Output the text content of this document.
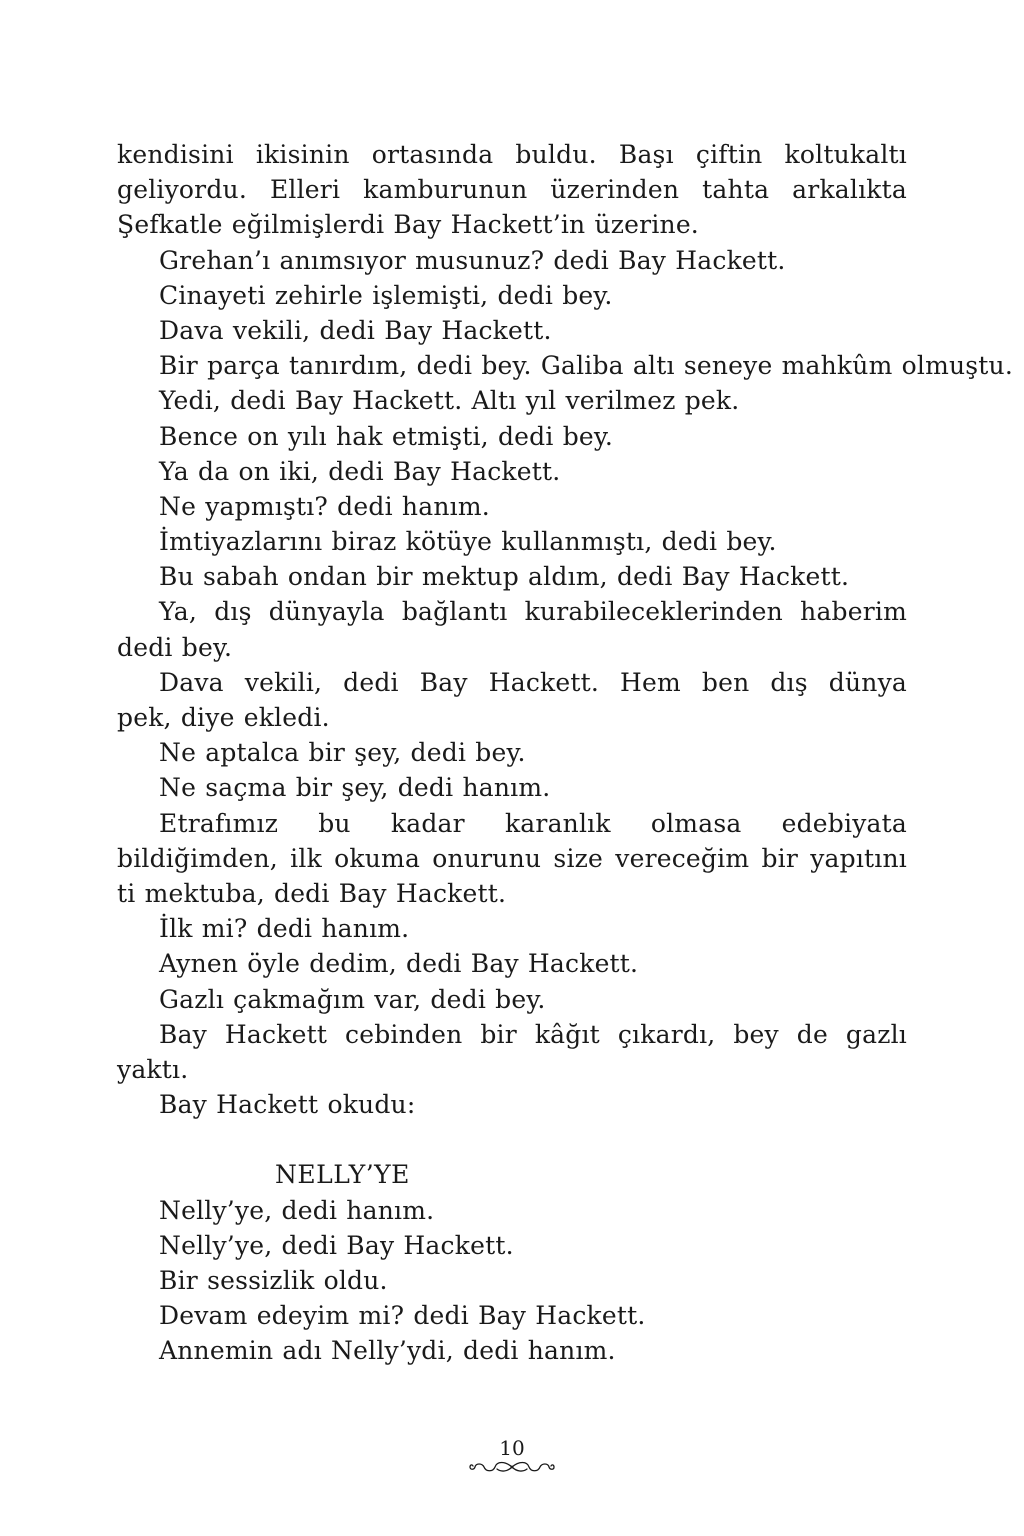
kendisini ikisinin ortasında buldu. Başı çiftin koltukaltı
geliyordu. Elleri kamburunun üzerinden tahta arkalıkta
Şefkatle eğilmişlerdi Bay Hackett’in üzerine.
Grehan’ı anımsıyor musunuz? dedi Bay Hackett.
Cinayeti zehirle işlemişti, dedi bey.
Dava vekili, dedi Bay Hackett.
Bir parça tanırdım, dedi bey. Galiba altı seneye mahkûm olmuştu.
Yedi, dedi Bay Hackett. Altı yıl verilmez pek.
Bence on yılı hak etmişti, dedi bey.
Ya da on iki, dedi Bay Hackett.
Ne yapmıştı? dedi hanım.
İmtiyazlarını biraz kötüye kullanmıştı, dedi bey.
Bu sabah ondan bir mektup aldım, dedi Bay Hackett.
Ya, dış dünyayla bağlantı kurabileceklerinden haberim
dedi bey.
Dava vekili, dedi Bay Hackett. Hem ben dış dünya
pek, diye ekledi.
Ne aptalca bir şey, dedi bey.
Ne saçma bir şey, dedi hanım.
Etrafımız bu kadar karanlık olmasa edebiyata
bildiğimden, ilk okuma onurunu size vereceğim bir yapıtını
ti mektuba, dedi Bay Hackett.
İlk mi? dedi hanım.
Aynen öyle dedim, dedi Bay Hackett.
Gazlı çakmağım var, dedi bey.
Bay Hackett cebinden bir kâğıt çıkardı, bey de gazlı
yaktı.
Bay Hackett okudu:
NELLY’YE
Nelly’ye, dedi hanım.
Nelly’ye, dedi Bay Hackett.
Bir sessizlik oldu.
Devam edeyim mi? dedi Bay Hackett.
Annemin adı Nelly’ydi, dedi hanım.
10
